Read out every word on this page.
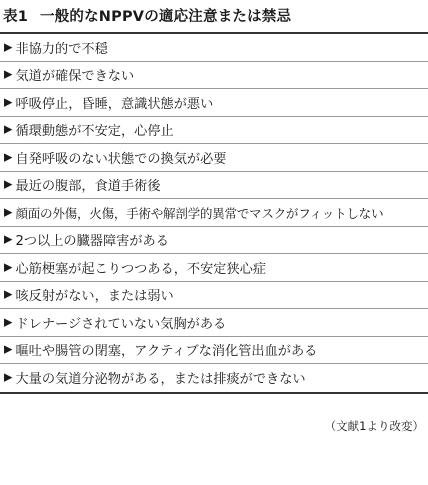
表1 一般的なNPPVの適応注意または禁忌
▶ 非協力的で不穏
▶ 気道が確保できない
▶ 呼吸停止，昏睡，意識状態が悪い
▶ 循環動態が不安定，心停止
▶ 自発呼吸のない状態での換気が必要
▶ 最近の腹部，食道手術後
▶ 顔面の外傷，火傷，手術や解剖学的異常でマスクがフィットしない
▶ 2つ以上の臓器障害がある
▶ 心筋梗塞が起こりつつある，不安定狭心症
▶ 咳反射がない，または弱い
▶ ドレナージされていない気胸がある
▶ 嘔吐や腸管の閉塞，アクティブな消化管出血がある
▶ 大量の気道分泌物がある，または排痰ができない
（文献1より改変）
